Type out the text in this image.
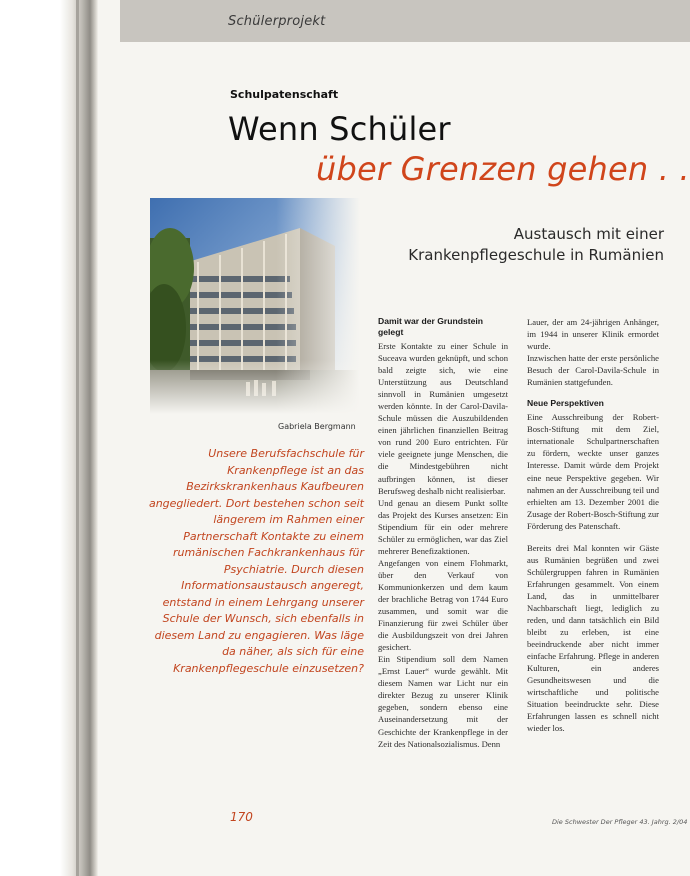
Schülerprojekt
Schulpatenschaft
Wenn Schüler
über Grenzen gehen . .
Austausch mit einer
Krankenpflegeschule in Rumänien
Gabriela Bergmann
Unsere Berufsfachschule für Krankenpflege ist an das Bezirkskrankenhaus Kaufbeuren angegliedert. Dort bestehen schon seit längerem im Rahmen einer Partnerschaft Kontakte zu einem rumänischen Fachkrankenhaus für Psychiatrie. Durch diesen Informationsaustausch angeregt, entstand in einem Lehrgang unserer Schule der Wunsch, sich ebenfalls in diesem Land zu engagieren. Was läge da näher, als sich für eine Krankenpflegeschule einzusetzen?
Damit war der Grundstein gelegt

Erste Kontakte zu einer Schule in Suceava wurden geknüpft, und schon bald zeigte sich, wie eine Unterstützung aus Deutschland sinnvoll in Rumänien umgesetzt werden könnte. In der Carol-Davila-Schule müssen die Auszubildenden einen jährlichen finanziellen Beitrag von rund 200 Euro entrichten. Für viele geeignete junge Menschen, die die Mindestgebühren nicht aufbringen können, ist dieser Berufsweg deshalb nicht realisierbar.

Und genau an diesem Punkt sollte das Projekt des Kurses ansetzen: Ein Stipendium für ein oder mehrere Schüler zu ermöglichen, war das Ziel mehrerer Benefizaktionen.

Angefangen von einem Flohmarkt, über den Verkauf von Kommunionkerzen und dem kaum der brachliche Betrag von 1744 Euro zusammen, und somit war die Finanzierung für zwei Schüler über die Ausbildungszeit von drei Jahren gesichert.

Ein Stipendium soll dem Namen „Ernst Lauer“ wurde gewählt. Mit diesem Namen war Licht nur ein direkter Bezug zu unserer Klinik gegeben, sondern ebenso eine Auseinandersetzung mit der Geschichte der Krankenpflege in der Zeit des Nationalsozialismus. Denn

Lauer, der am 24-jährigen Anhänger, im 1944 in unserer Klinik ermordet wurde.

Inzwischen hatte der erste persönliche Besuch der Carol-Davila-Schule in Rumänien stattgefunden.

Neue Perspektiven

Eine Ausschreibung der Robert-Bosch-Stiftung mit dem Ziel, internationale Schulpartnerschaften zu fördern, weckte unser ganzes Interesse. Damit würde dem Projekt eine neue Perspektive gegeben. Wir nahmen an der Ausschreibung teil und erhielten am 13. Dezember 2001 die Zusage der Robert-Bosch-Stiftung zur Förderung des Patenschaft.

Bereits drei Mal konnten wir Gäste aus Rumänien begrüßen und zwei Schülergruppen fahren in Rumänien Erfahrungen gesammelt. Von einem Land, das in unmittelbarer Nachbarschaft liegt, lediglich zu reden, und dann tatsächlich ein Bild bleibt zu erleben, ist eine beeindruckende aber nicht immer einfache Erfahrung. Pflege in anderen Kulturen, ein anderes Gesundheitswesen und die wirtschaftliche und politische Situation beeindruckte sehr. Diese Erfahrungen lassen es schnell nicht wieder los.

170	Die Schwester Der Pfleger 43. Jahrg. 2/04
